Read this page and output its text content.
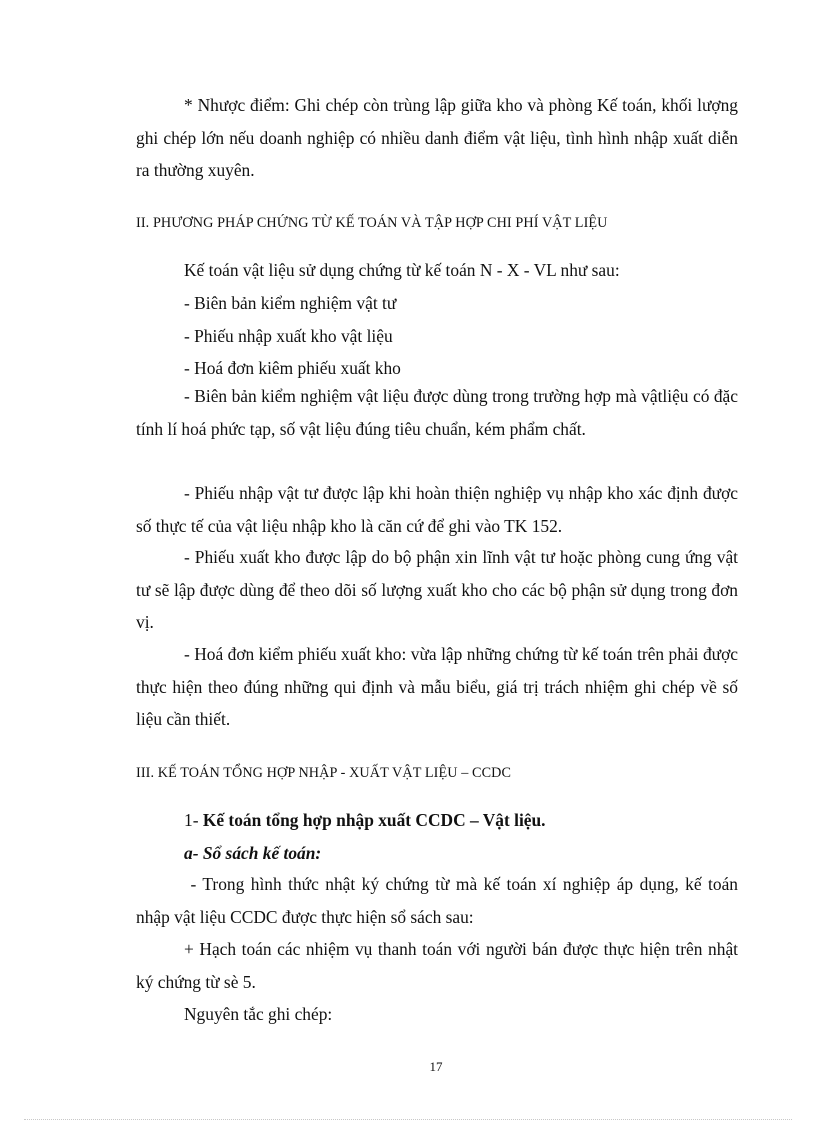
* Nhược điểm: Ghi chép còn trùng lập giữa kho và phòng Kế toán, khối lượng ghi chép lớn nếu doanh nghiệp có nhiều danh điểm vật liệu, tình hình nhập xuất diễn ra thường xuyên.

II. PHƯƠNG PHÁP CHỨNG TỪ KẾ TOÁN VÀ TẬP HỢP CHI PHÍ VẬT LIỆU
Kế toán vật liệu sử dụng chứng từ kế toán N - X - VL như sau:
- Biên bản kiểm nghiệm vật tư
- Phiếu nhập xuất kho vật liệu
- Hoá đơn kiêm phiếu xuất kho

- Biên bản kiểm nghiệm vật liệu được dùng trong trường hợp mà vậtliệu có đặc tính lí hoá phức tạp, số vật liệu đúng tiêu chuẩn, kém phẩm chất.

- Phiếu nhập vật tư được lập khi hoàn thiện nghiệp vụ nhập kho xác định được số thực tế của vật liệu nhập kho là căn cứ để ghi vào TK 152.

- Phiếu xuất kho được lập do bộ phận xin lĩnh vật tư hoặc phòng cung ứng vật tư sẽ lập được dùng để theo dõi số lượng xuất kho cho các bộ phận sử dụng trong đơn vị.

- Hoá đơn kiểm phiếu xuất kho: vừa lập những chứng từ kế toán trên phải được thực hiện theo đúng những qui định và mẫu biểu, giá trị trách nhiệm ghi chép về số liệu cần thiết.

III. KẾ TOÁN TỔNG HỢP NHẬP - XUẤT VẬT LIỆU – CCDC
1- Kế toán tổng hợp nhập xuất CCDC – Vật liệu.
a- Sổ sách kế toán:

- Trong hình thức nhật ký chứng từ mà kế toán xí nghiệp áp dụng, kế toán nhập vật liệu CCDC được thực hiện sổ sách sau:

+ Hạch toán các nhiệm vụ thanh toán với người bán được thực hiện trên nhật ký chứng từ sè 5.

Nguyên tắc ghi chép:
17
